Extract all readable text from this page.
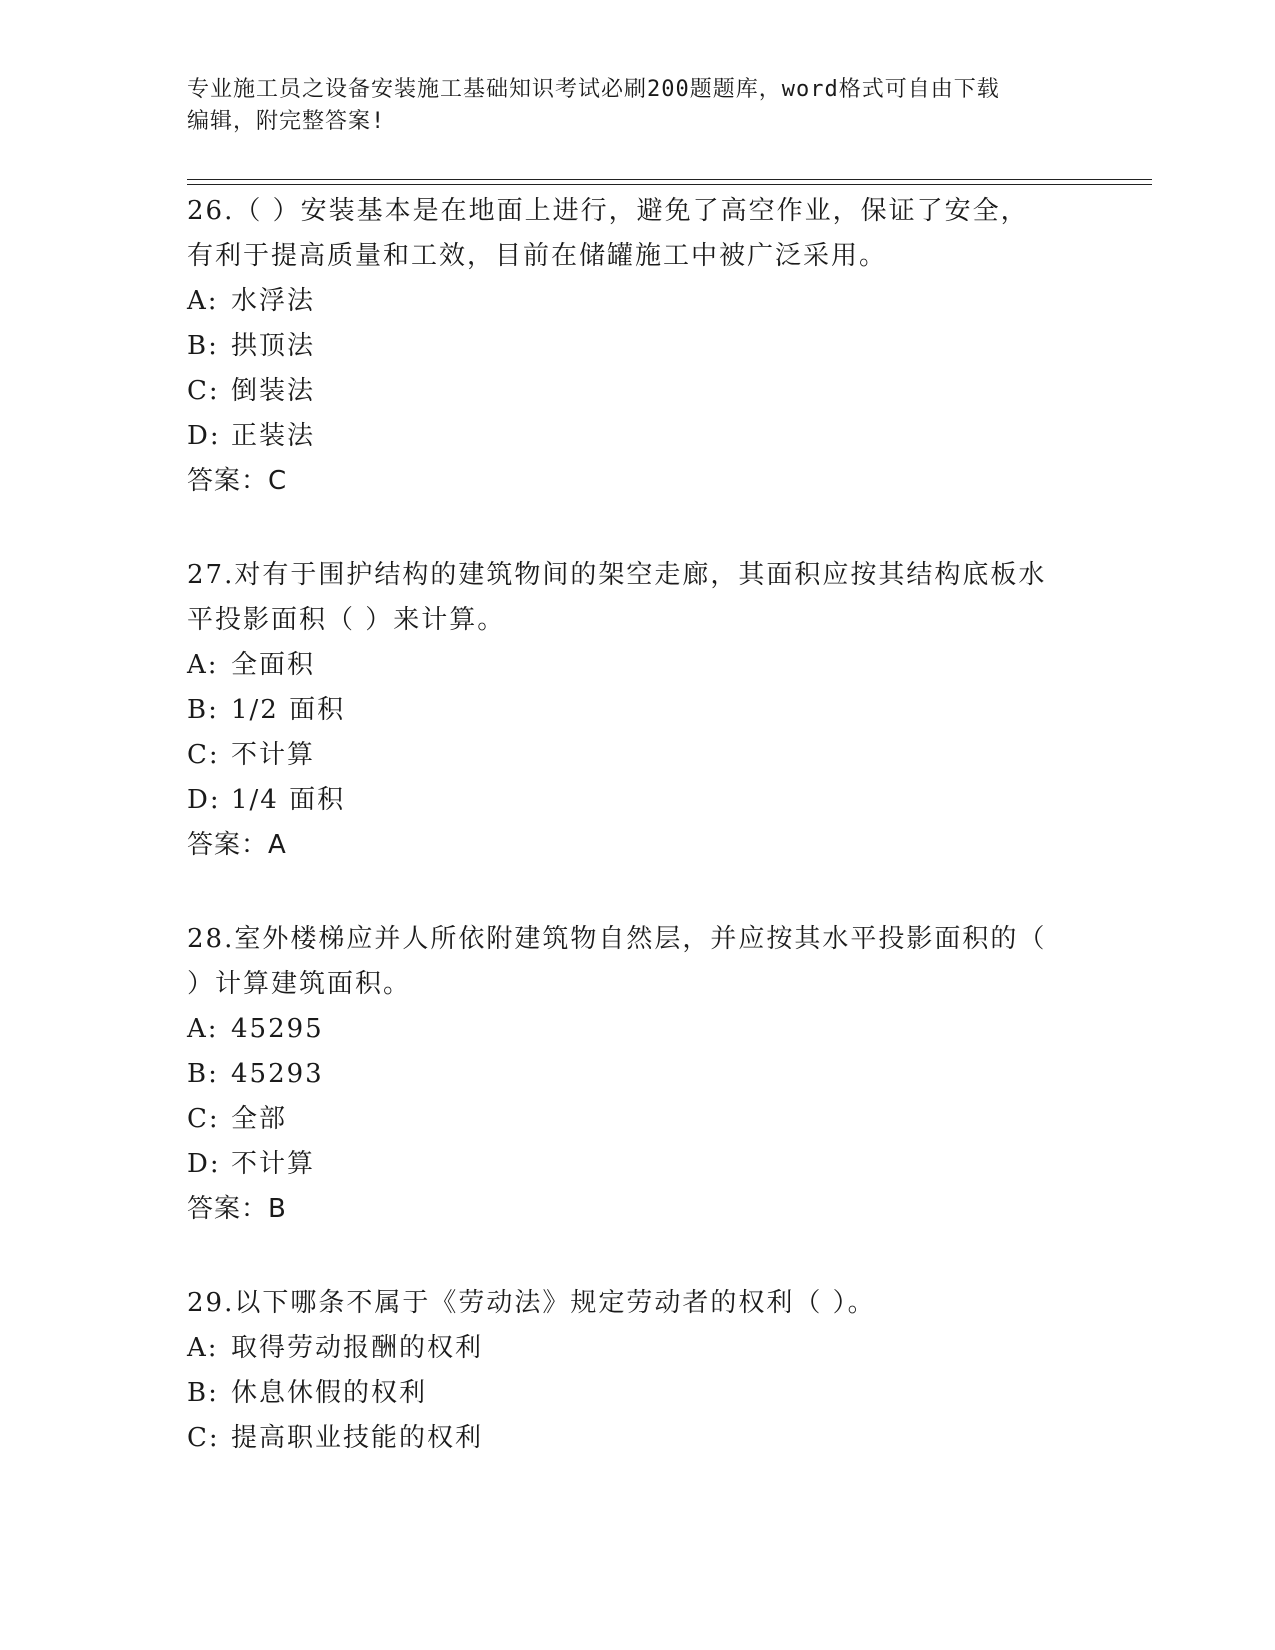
专业施工员之设备安装施工基础知识考试必刷200题题库，word格式可自由下载
编辑，附完整答案!
26.（ ）安装基本是在地面上进行，避免了高空作业，保证了安全，
有利于提高质量和工效，目前在储罐施工中被广泛采用。
A: 水浮法
B: 拱顶法
C: 倒装法
D: 正装法
答案：C
27.对有于围护结构的建筑物间的架空走廊，其面积应按其结构底板水
平投影面积（ ）来计算。
A: 全面积
B: 1/2 面积
C: 不计算
D: 1/4 面积
答案：A
28.室外楼梯应并人所依附建筑物自然层，并应按其水平投影面积的（
）计算建筑面积。
A: 45295
B: 45293
C: 全部
D: 不计算
答案：B
29.以下哪条不属于《劳动法》规定劳动者的权利（ ）。
A: 取得劳动报酬的权利
B: 休息休假的权利
C: 提高职业技能的权利
